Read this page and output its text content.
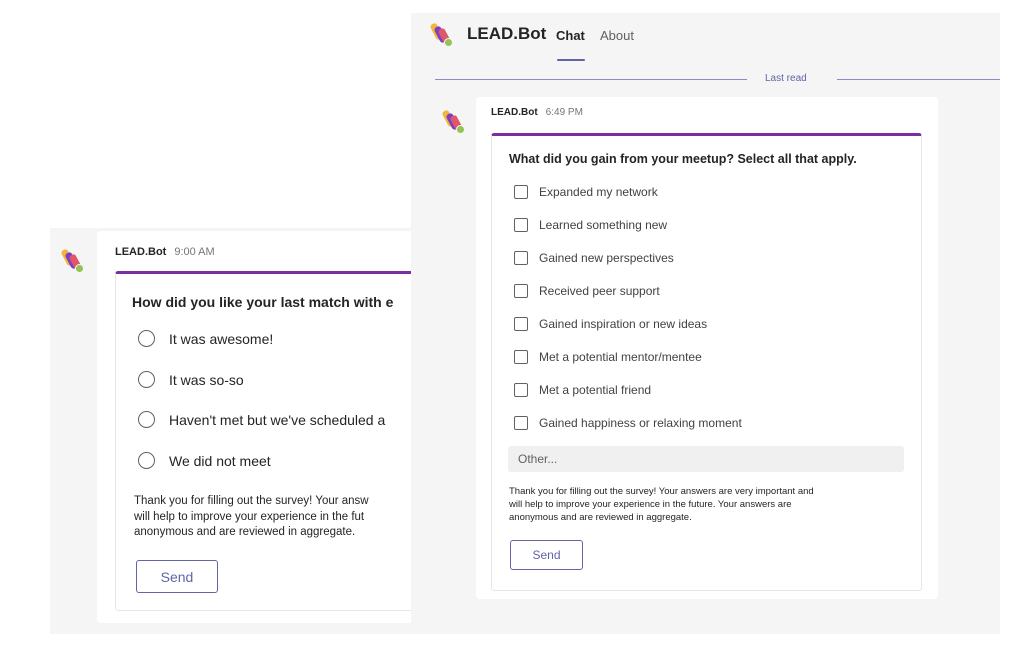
LEAD.Bot 9:00 AM
How did you like your last match with e
It was awesome!
It was so-so
Haven't met but we've scheduled a
We did not meet
Thank you for filling out the survey! Your answ
will help to improve your experience in the fut
anonymous and are reviewed in aggregate.
Send
LEAD.Bot Chat About
Last read
LEAD.Bot 6:49 PM
What did you gain from your meetup? Select all that apply.
Expanded my network
Learned something new
Gained new perspectives
Received peer support
Gained inspiration or new ideas
Met a potential mentor/mentee
Met a potential friend
Gained happiness or relaxing moment
Other...
Thank you for filling out the survey! Your answers are very important and
will help to improve your experience in the future. Your answers are
anonymous and are reviewed in aggregate.
Send
